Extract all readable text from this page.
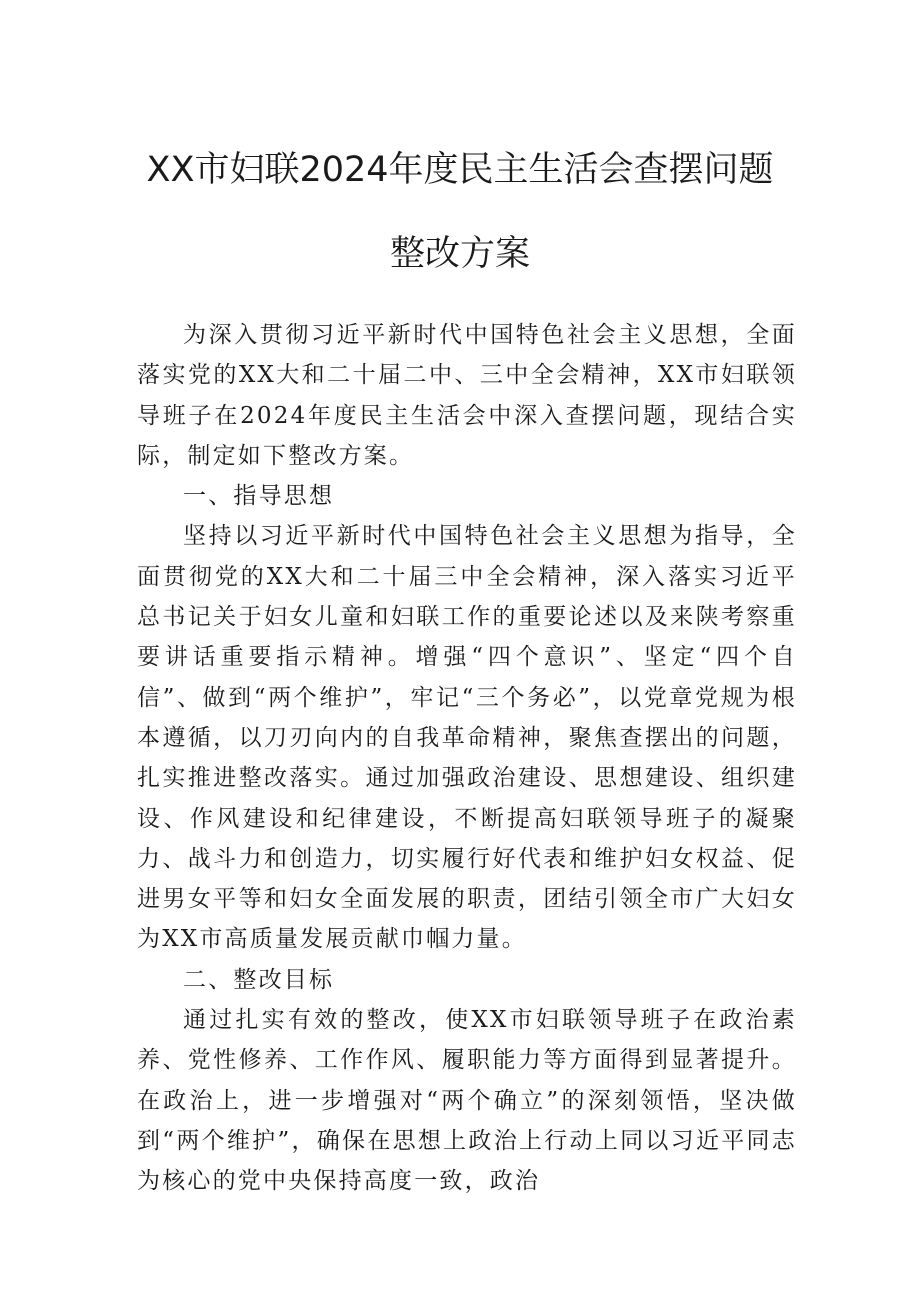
XX市妇联2024年度民主生活会查摆问题
整改方案

为深入贯彻习近平新时代中国特色社会主义思想，全面落实党的XX大和二十届二中、三中全会精神，XX市妇联领导班子在2024年度民主生活会中深入查摆问题，现结合实际，制定如下整改方案。

一、指导思想

坚持以习近平新时代中国特色社会主义思想为指导，全面贯彻党的XX大和二十届三中全会精神，深入落实习近平总书记关于妇女儿童和妇联工作的重要论述以及来陕考察重要讲话重要指示精神。增强“四个意识”、坚定“四个自信”、做到“两个维护”，牢记“三个务必”，以党章党规为根本遵循，以刀刃向内的自我革命精神，聚焦查摆出的问题，扎实推进整改落实。通过加强政治建设、思想建设、组织建设、作风建设和纪律建设，不断提高妇联领导班子的凝聚力、战斗力和创造力，切实履行好代表和维护妇女权益、促进男女平等和妇女全面发展的职责，团结引领全市广大妇女为XX市高质量发展贡献巾帼力量。

二、整改目标

通过扎实有效的整改，使XX市妇联领导班子在政治素养、党性修养、工作作风、履职能力等方面得到显著提升。在政治上，进一步增强对“两个确立”的深刻领悟，坚决做到“两个维护”，确保在思想上政治上行动上同以习近平同志为核心的党中央保持高度一致，政治
